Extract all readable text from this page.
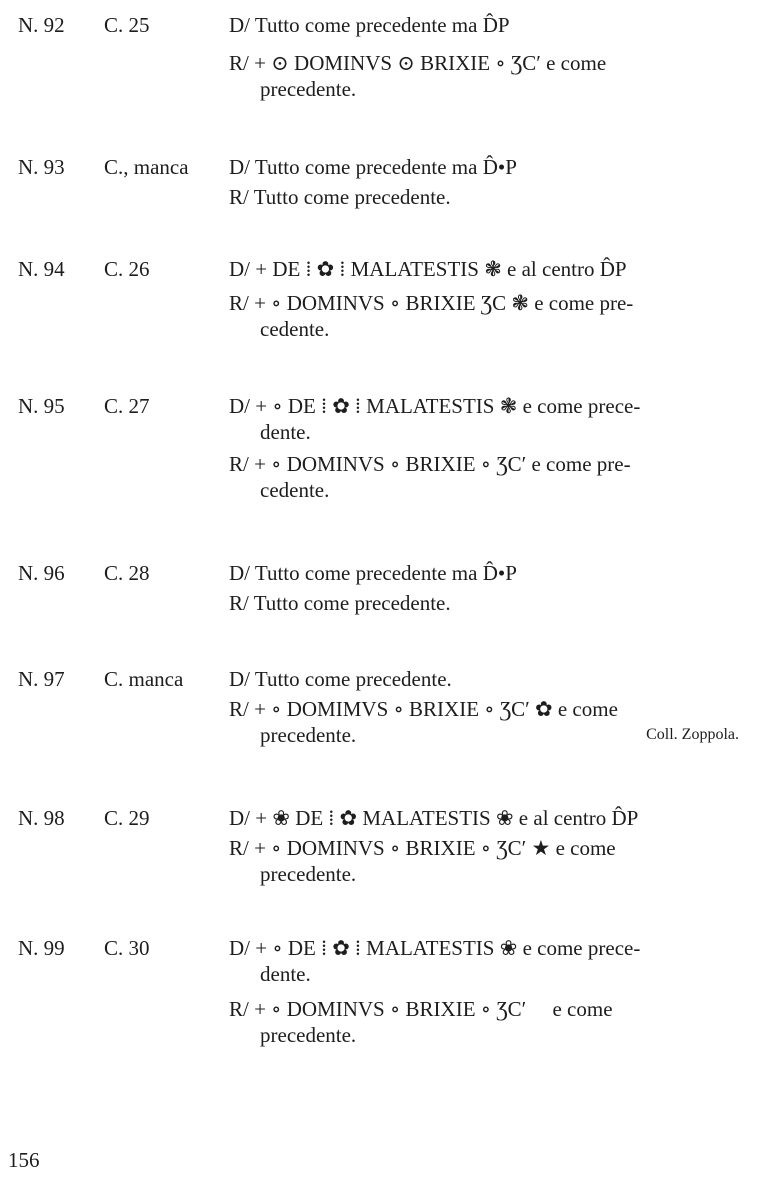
N. 92 C. 25	D/ Tutto come precedente ma D̂P
R/ + ⊙ DOMINVS ⊙ BRIXIE ∘ ƷC′ e come
precedente.
N. 93 C., manca D/ Tutto come precedente ma D̂•P
R/ Tutto come precedente.
N. 94 C. 26	D/ + DE ⁞ ✿ ⁞ MALATESTIS ❃ e al centro D̂P
R/ + ∘ DOMINVS ∘ BRIXIE ƷC ❃ e come pre-
cedente.
N. 95 C. 27	D/ + ∘ DE ⁞ ✿ ⁞ MALATESTIS ❃ e come prece-
dente.
R/ + ∘ DOMINVS ∘ BRIXIE ∘ ƷC′ e come pre-
cedente.
N. 96 C. 28	D/ Tutto come precedente ma D̂•P
R/ Tutto come precedente.
N. 97 C. manca D/ Tutto come precedente.
R/ + ∘ DOMIMVS ∘ BRIXIE ∘ ƷC′ ✿ e come
precedente.	Coll. Zoppola.
N. 98 C. 29	D/ + ❀ DE ⁞ ✿ MALATESTIS ❀ e al centro D̂P
R/ + ∘ DOMINVS ∘ BRIXIE ∘ ƷC′ ★ e come
precedente.
N. 99 C. 30	D/ + ∘ DE ⁞ ✿ ⁞ MALATESTIS ❀ e come prece-
dente.
R/ + ∘ DOMINVS ∘ BRIXIE ∘ ƷC′     e come
precedente.
156
